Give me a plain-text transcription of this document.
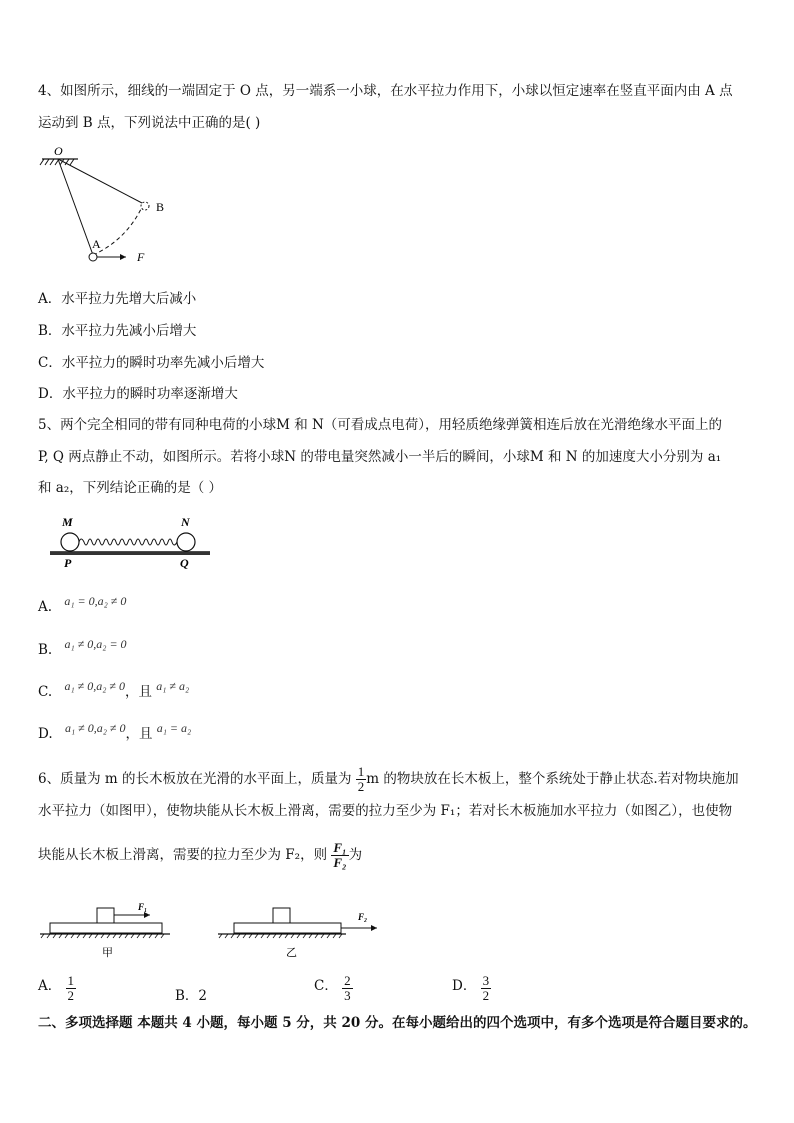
4、如图所示，细线的一端固定于 O 点，另一端系一小球，在水平拉力作用下，小球以恒定速率在竖直平面内由 A 点
运动到 B 点，下列说法中正确的是( )
O
A
B
F
A．水平拉力先增大后减小
B．水平拉力先减小后增大
C．水平拉力的瞬时功率先减小后增大
D．水平拉力的瞬时功率逐渐增大
5、两个完全相同的带有同种电荷的小球M 和 N（可看成点电荷），用轻质绝缘弹簧相连后放在光滑绝缘水平面上的
P, Q 两点静止不动，如图所示。若将小球N 的带电量突然减小一半后的瞬间，小球M 和 N 的加速度大小分别为 a₁
和 a₂，下列结论正确的是（ ）
M	N
P	Q
A. a₁ = 0,a₂ ≠ 0
B. a₁ ≠ 0,a₂ = 0
C. a₁ ≠ 0,a₂ ≠ 0，且 a₁ ≠ a₂
D. a₁ ≠ 0,a₂ ≠ 0，且 a₁ = a₂
6、质量为 m 的长木板放在光滑的水平面上，质量为 $\frac{1}{2}$ m 的物块放在长木板上，整个系统处于静止状态.若对物块施加
水平拉力（如图甲），使物块能从长木板上滑离，需要的拉力至少为 F₁；若对长木板施加水平拉力（如图乙），也使物
块能从长木板上滑离，需要的拉力至少为 F₂，则 $\frac{\text{F₁}}{\text{F₂}}$ 为
F₁
甲
F₂
乙
A． $\frac{1}{2}$	B．2
C． $\frac{2}{3}$	D． $\frac{3}{2}$
二、多项选择题 本题共 4 小题，每小题 5 分，共 20 分。在每小题给出的四个选项中，有多个选项是符合题目要求的。
